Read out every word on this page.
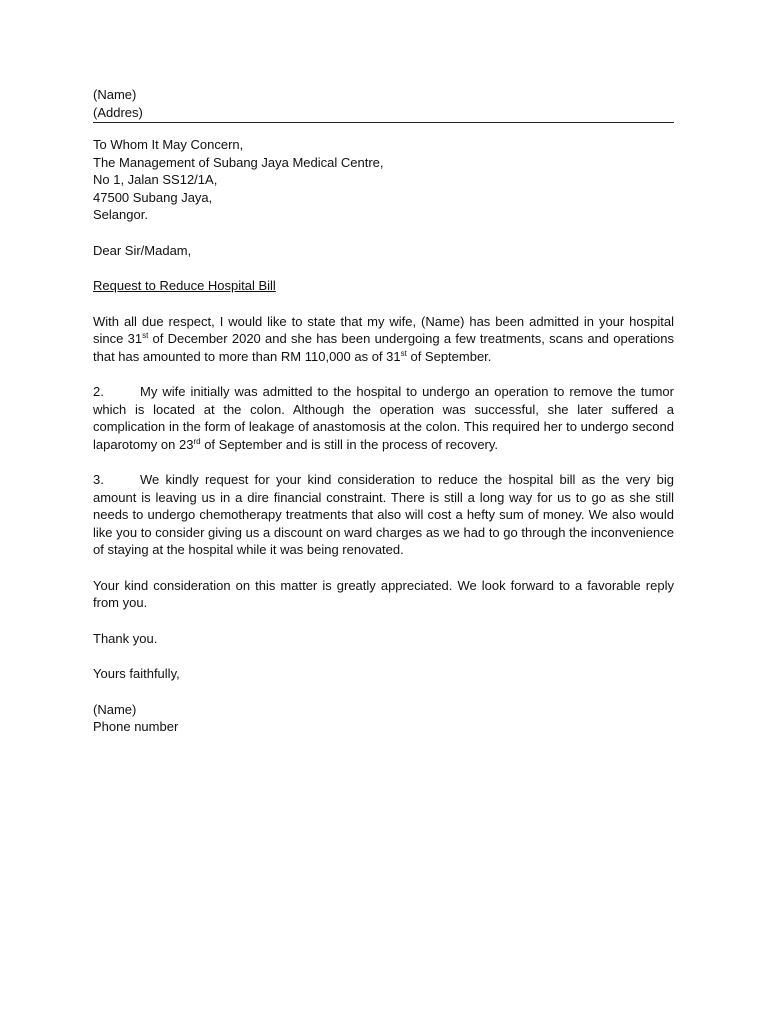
(Name)
(Addres)
To Whom It May Concern,
The Management of Subang Jaya Medical Centre,
No 1, Jalan SS12/1A,
47500 Subang Jaya,
Selangor.
Dear Sir/Madam,
Request to Reduce Hospital Bill

With all due respect, I would like to state that my wife, (Name) has been admitted in your hospital since 31st of December 2020 and she has been undergoing a few treatments, scans and operations that has amounted to more than RM 110,000 as of 31st of September.

2.	My wife initially was admitted to the hospital to undergo an operation to remove the tumor which is located at the colon. Although the operation was successful, she later suffered a complication in the form of leakage of anastomosis at the colon. This required her to undergo second laparotomy on 23rd of September and is still in the process of recovery.

3.	We kindly request for your kind consideration to reduce the hospital bill as the very big amount is leaving us in a dire financial constraint. There is still a long way for us to go as she still needs to undergo chemotherapy treatments that also will cost a hefty sum of money. We also would like you to consider giving us a discount on ward charges as we had to go through the inconvenience of staying at the hospital while it was being renovated.

Your kind consideration on this matter is greatly appreciated. We look forward to a favorable reply from you.

Thank you.
Yours faithfully,
(Name)
Phone number
